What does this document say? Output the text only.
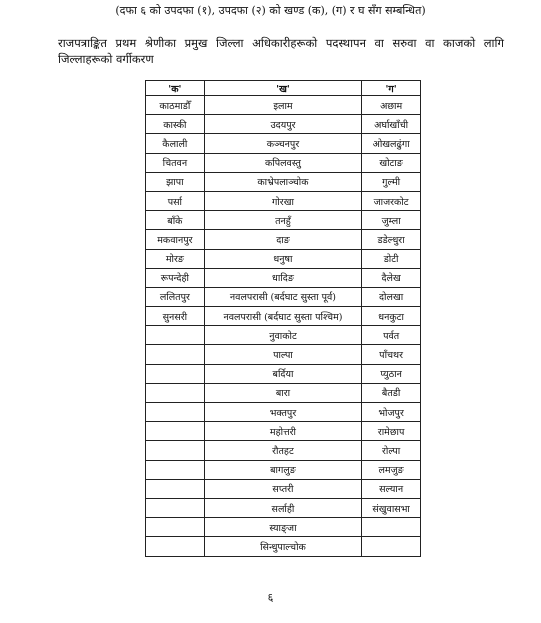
(दफा ६ को उपदफा (१), उपदफा (२) को खण्ड (क), (ग) र घ सँग सम्बन्धित)
राजपत्राङ्कित प्रथम श्रेणीका प्रमुख जिल्ला अधिकारीहरूको पदस्थापन वा सरुवा वा काजको लागि जिल्लाहरूको वर्गीकरण
'क'	'ख'	'ग'
काठमाडौँ	इलाम	अछाम
कास्की	उदयपुर	अर्घाखाँची
कैलाली	कञ्चनपुर	ओखलढुंगा
चितवन	कपिलवस्तु	खोटाङ
झापा	काभ्रेपलाञ्चोक	गुल्मी
पर्सा	गोरखा	जाजरकोट
बाँके	तनहुँ	जुम्ला
मकवानपुर	दाङ	डडेल्धुरा
मोरङ	धनुषा	डोटी
रूपन्देही	धादिङ	दैलेख
ललितपुर	नवलपरासी (बर्दघाट सुस्ता पूर्व)	दोलखा
सुनसरी	नवलपरासी (बर्दघाट सुस्ता पश्चिम)	धनकुटा
	नुवाकोट	पर्वत
	पाल्पा	पाँचथर
	बर्दिया	प्युठान
	बारा	बैतडी
	भक्तपुर	भोजपुर
	महोत्तरी	रामेछाप
	रौतहट	रोल्पा
	बागलुङ	लमजुङ
	सप्तरी	सल्यान
	सर्लाही	संखुवासभा
	स्याङ्जा	
	सिन्धुपाल्चोक	
६
